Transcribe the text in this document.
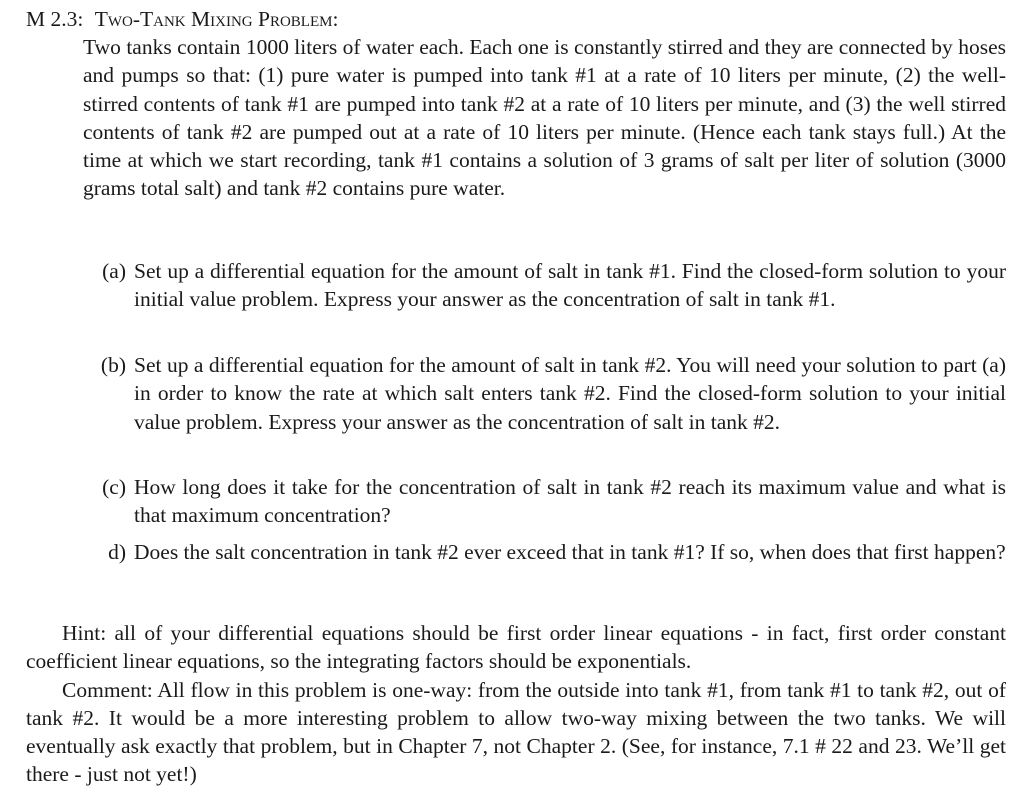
M 2.3: Two-Tank Mixing Problem:
Two tanks contain 1000 liters of water each. Each one is constantly stirred and they are connected by hoses and pumps so that: (1) pure water is pumped into tank #1 at a rate of 10 liters per minute, (2) the well-stirred contents of tank #1 are pumped into tank #2 at a rate of 10 liters per minute, and (3) the well stirred contents of tank #2 are pumped out at a rate of 10 liters per minute. (Hence each tank stays full.) At the time at which we start recording, tank #1 contains a solution of 3 grams of salt per liter of solution (3000 grams total salt) and tank #2 contains pure water.
(a) Set up a differential equation for the amount of salt in tank #1. Find the closed-form solution to your initial value problem. Express your answer as the concentration of salt in tank #1.
(b) Set up a differential equation for the amount of salt in tank #2. You will need your solution to part (a) in order to know the rate at which salt enters tank #2. Find the closed-form solution to your initial value problem. Express your answer as the concentration of salt in tank #2.
(c) How long does it take for the concentration of salt in tank #2 reach its maximum value and what is that maximum concentration?
d) Does the salt concentration in tank #2 ever exceed that in tank #1? If so, when does that first happen?

Hint: all of your differential equations should be first order linear equations - in fact, first order constant coefficient linear equations, so the integrating factors should be exponentials.

Comment: All flow in this problem is one-way: from the outside into tank #1, from tank #1 to tank #2, out of tank #2. It would be a more interesting problem to allow two-way mixing between the two tanks. We will eventually ask exactly that problem, but in Chapter 7, not Chapter 2. (See, for instance, 7.1 # 22 and 23. We’ll get there - just not yet!)
